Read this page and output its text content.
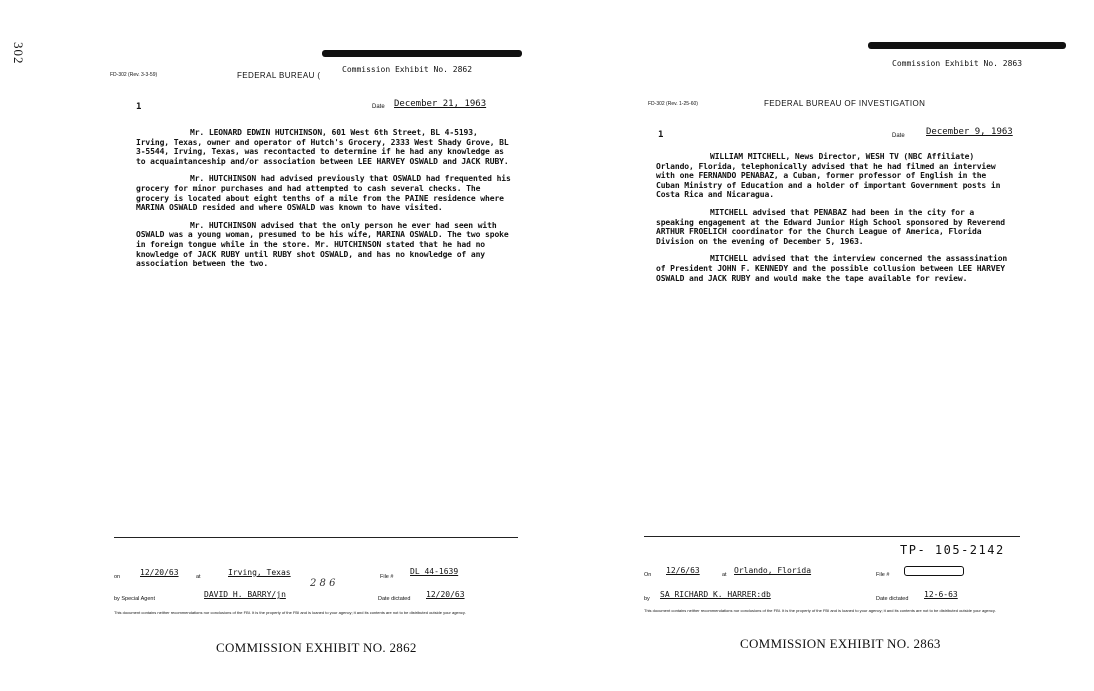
302
Commission Exhibit No. 2862
FD-302 (Rev. 3-3-59)	FEDERAL BUREAU (
1	Date December 21, 1963

Mr. LEONARD EDWIN HUTCHINSON, 601 West 6th Street, BL 4-5193, Irving, Texas, owner and operator of Hutch's Grocery, 2333 West Shady Grove, BL 3-5544, Irving, Texas, was recontacted to determine if he had any knowledge as to acquaintanceship and/or association between LEE HARVEY OSWALD and JACK RUBY.

Mr. HUTCHINSON had advised previously that OSWALD had frequented his grocery for minor purchases and had attempted to cash several checks. The grocery is located about eight tenths of a mile from the PAINE residence where MARINA OSWALD resided and where OSWALD was known to have visited.

Mr. HUTCHINSON advised that the only person he ever had seen with OSWALD was a young woman, presumed to be his wife, MARINA OSWALD. The two spoke in foreign tongue while in the store. Mr. HUTCHINSON stated that he had no knowledge of JACK RUBY until RUBY shot OSWALD, and has no knowledge of any association between the two.

on 12/20/63	at	Irving, Texas	File #
DL 44-1639
by Special Agent	DAVID H. BARRY/jn
2 8 6
Date dictated 12/20/63
This document contains neither recommendations nor conclusions of the FBI. It is the property of the FBI and is loaned to your agency; it and its contents are not to be distributed outside your agency.
COMMISSION EXHIBIT NO. 2862
Commission Exhibit No. 2863
FD-302 (Rev. 1-25-60)	FEDERAL BUREAU OF INVESTIGATION
1	Date December 9, 1963

WILLIAM MITCHELL, News Director, WESH TV (NBC Affiliate) Orlando, Florida, telephonically advised that he had filmed an interview with one FERNANDO PENABAZ, a Cuban, former professor of English in the Cuban Ministry of Education and a holder of important Government posts in Costa Rica and Nicaragua.

MITCHELL advised that PENABAZ had been in the city for a speaking engagement at the Edward Junior High School sponsored by Reverend ARTHUR FROELICH coordinator for the Church League of America, Florida Division on the evening of December 5, 1963.

MITCHELL advised that the interview concerned the assassination of President JOHN F. KENNEDY and the possible collusion between LEE HARVEY OSWALD and JACK RUBY and would make the tape available for review.

TP- 105-2142
On 12/6/63	at Orlando, Florida	File #
by SA RICHARD K. HARRER:db	Date dictated 12-6-63
This document contains neither recommendations nor conclusions of the FBI. It is the property of the FBI and is loaned to your agency; it and its contents are not to be distributed outside your agency.
COMMISSION EXHIBIT NO. 2863
